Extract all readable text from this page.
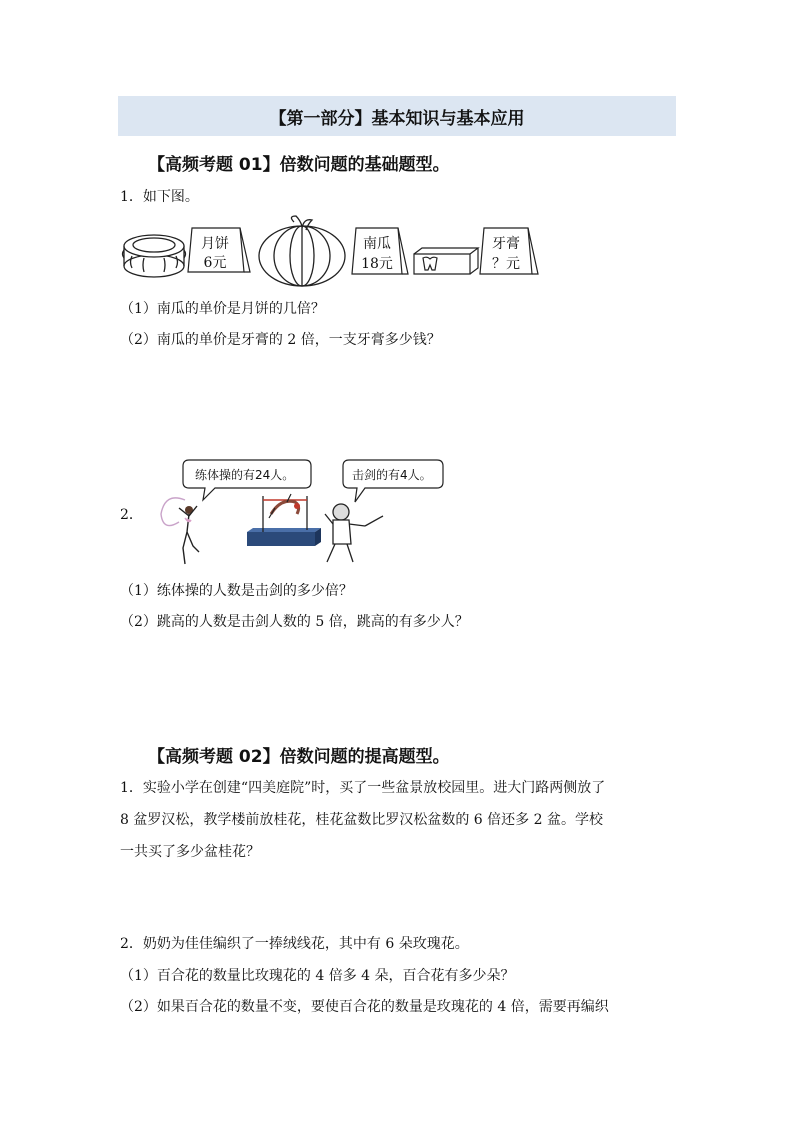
【第一部分】基本知识与基本应用
【高频考题 01】倍数问题的基础题型。
1．如下图。
月饼
6元
南瓜
18元
牙膏
？元
（1）南瓜的单价是月饼的几倍？
（2）南瓜的单价是牙膏的 2 倍，一支牙膏多少钱？
2．
练体操的有24人。	击剑的有4人。
（1）练体操的人数是击剑的多少倍？
（2）跳高的人数是击剑人数的 5 倍，跳高的有多少人？
【高频考题 02】倍数问题的提高题型。
1．实验小学在创建“四美庭院”时，买了一些盆景放校园里。进大门路两侧放了
8 盆罗汉松，教学楼前放桂花，桂花盆数比罗汉松盆数的 6 倍还多 2 盆。学校
一共买了多少盆桂花？
2．奶奶为佳佳编织了一捧绒线花，其中有 6 朵玫瑰花。
（1）百合花的数量比玫瑰花的 4 倍多 4 朵，百合花有多少朵？
（2）如果百合花的数量不变，要使百合花的数量是玫瑰花的 4 倍，需要再编织
